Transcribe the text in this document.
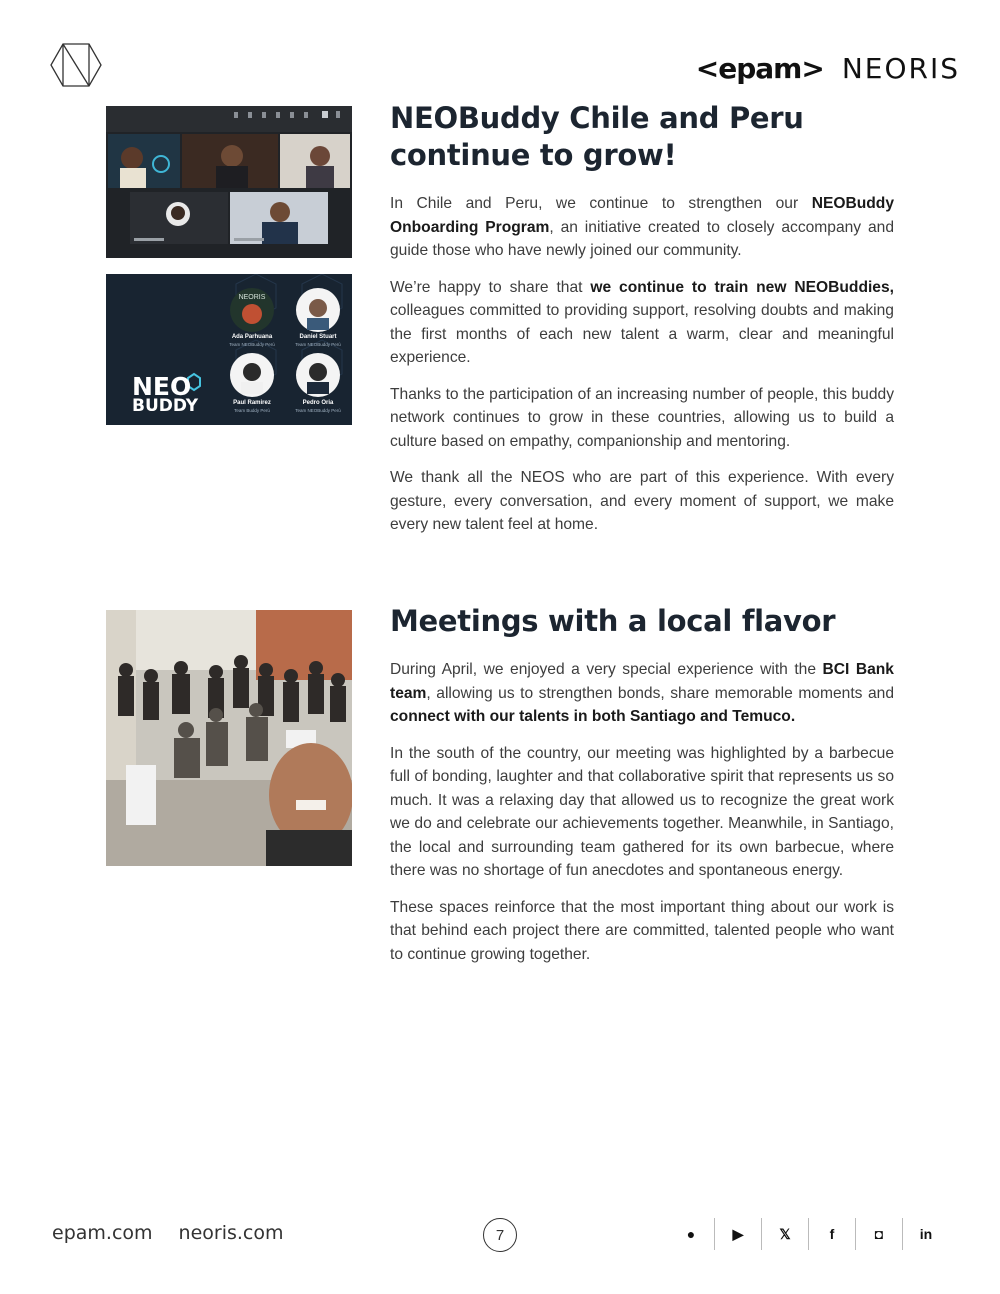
<epam> NEORIS
NEO
BUDDY
NEORIS
Ada Parhuana
Team NEOBuddy Perú
Daniel Stuart
Team NEOBuddy Perú
Paul Ramirez
Team Buddy Perú
Pedro Oria
Team NEOBuddy Perú
NEOBuddy Chile and Peru continue to grow!

In Chile and Peru, we continue to strengthen our NEOBuddy Onboarding Program, an initiative created to closely accompany and guide those who have newly joined our community.

We’re happy to share that we continue to train new NEOBuddies, colleagues committed to providing support, resolving doubts and making the first months of each new talent a warm, clear and meaningful experience.

Thanks to the participation of an increasing number of people, this buddy network continues to grow in these countries, allowing us to build a culture based on empathy, companionship and mentoring.

We thank all the NEOS who are part of this experience. With every gesture, every conversation, and every moment of support, we make every new talent feel at home.

Meetings with a local flavor

During April, we enjoyed a very special experience with the BCI Bank team, allowing us to strengthen bonds, share memorable moments and connect with our talents in both Santiago and Temuco.

In the south of the country, our meeting was highlighted by a barbecue full of bonding, laughter and that collaborative spirit that represents us so much. It was a relaxing day that allowed us to recognize the great work we do and celebrate our achievements together. Meanwhile, in Santiago, the local and surrounding team gathered for its own barbecue, where there was no shortage of fun anecdotes and spontaneous energy.

These spaces reinforce that the most important thing about our work is that behind each project there are committed, talented people who want to continue growing together.

epam.com neoris.com	7	●	▶	𝕏	f	◘	in
